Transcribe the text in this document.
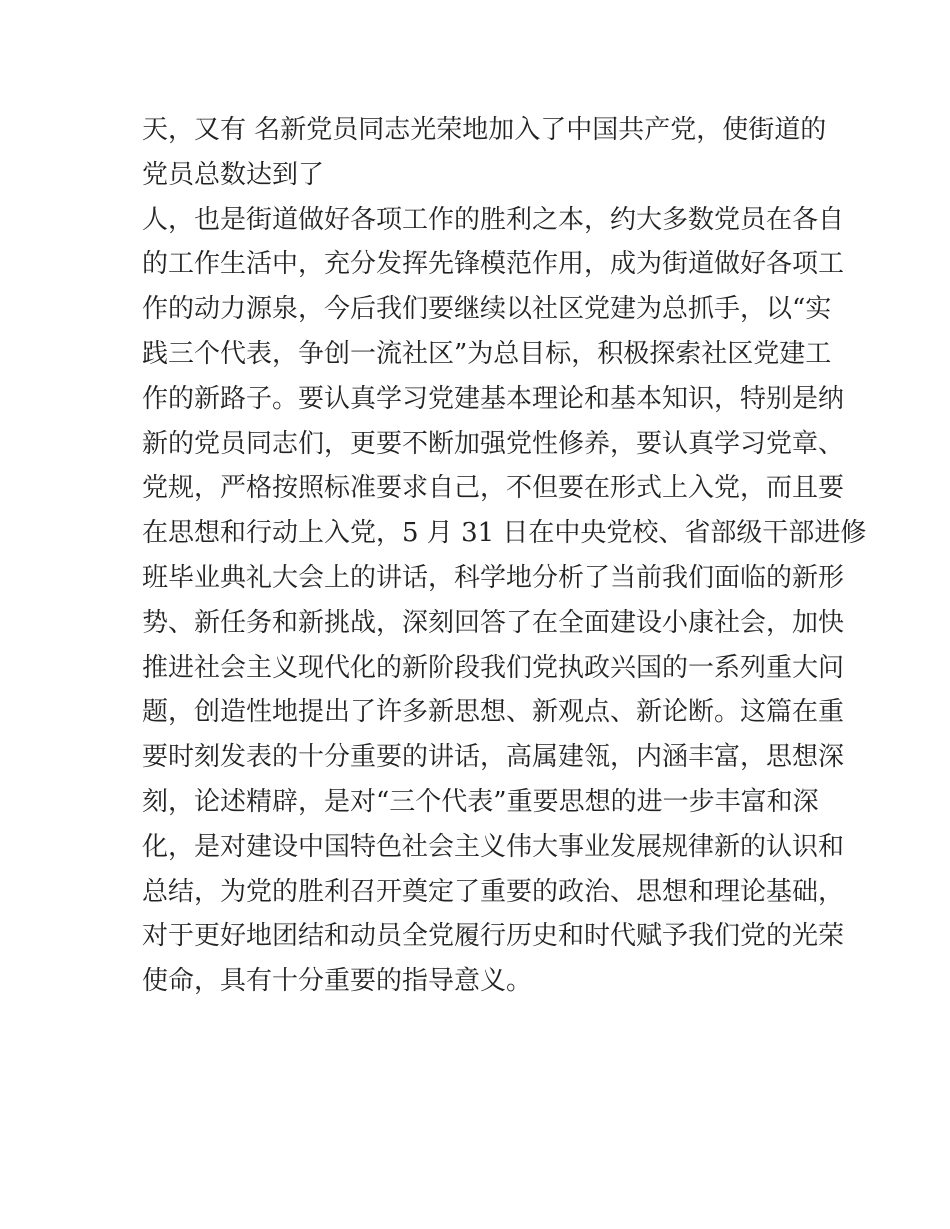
天，又有 名新党员同志光荣地加入了中国共产党，使街道的
党员总数达到了
人，也是街道做好各项工作的胜利之本，约大多数党员在各自
的工作生活中，充分发挥先锋模范作用，成为街道做好各项工
作的动力源泉，今后我们要继续以社区党建为总抓手，以“实
践三个代表，争创一流社区”为总目标，积极探索社区党建工
作的新路子。要认真学习党建基本理论和基本知识，特别是纳
新的党员同志们，更要不断加强党性修养，要认真学习党章、
党规，严格按照标准要求自己，不但要在形式上入党，而且要
在思想和行动上入党，5 月 31 日在中央党校、省部级干部进修
班毕业典礼大会上的讲话，科学地分析了当前我们面临的新形
势、新任务和新挑战，深刻回答了在全面建设小康社会，加快
推进社会主义现代化的新阶段我们党执政兴国的一系列重大问
题，创造性地提出了许多新思想、新观点、新论断。这篇在重
要时刻发表的十分重要的讲话，高属建瓴，内涵丰富，思想深
刻，论述精辟，是对“三个代表”重要思想的进一步丰富和深
化，是对建设中国特色社会主义伟大事业发展规律新的认识和
总结，为党的胜利召开奠定了重要的政治、思想和理论基础，
对于更好地团结和动员全党履行历史和时代赋予我们党的光荣
使命，具有十分重要的指导意义。
